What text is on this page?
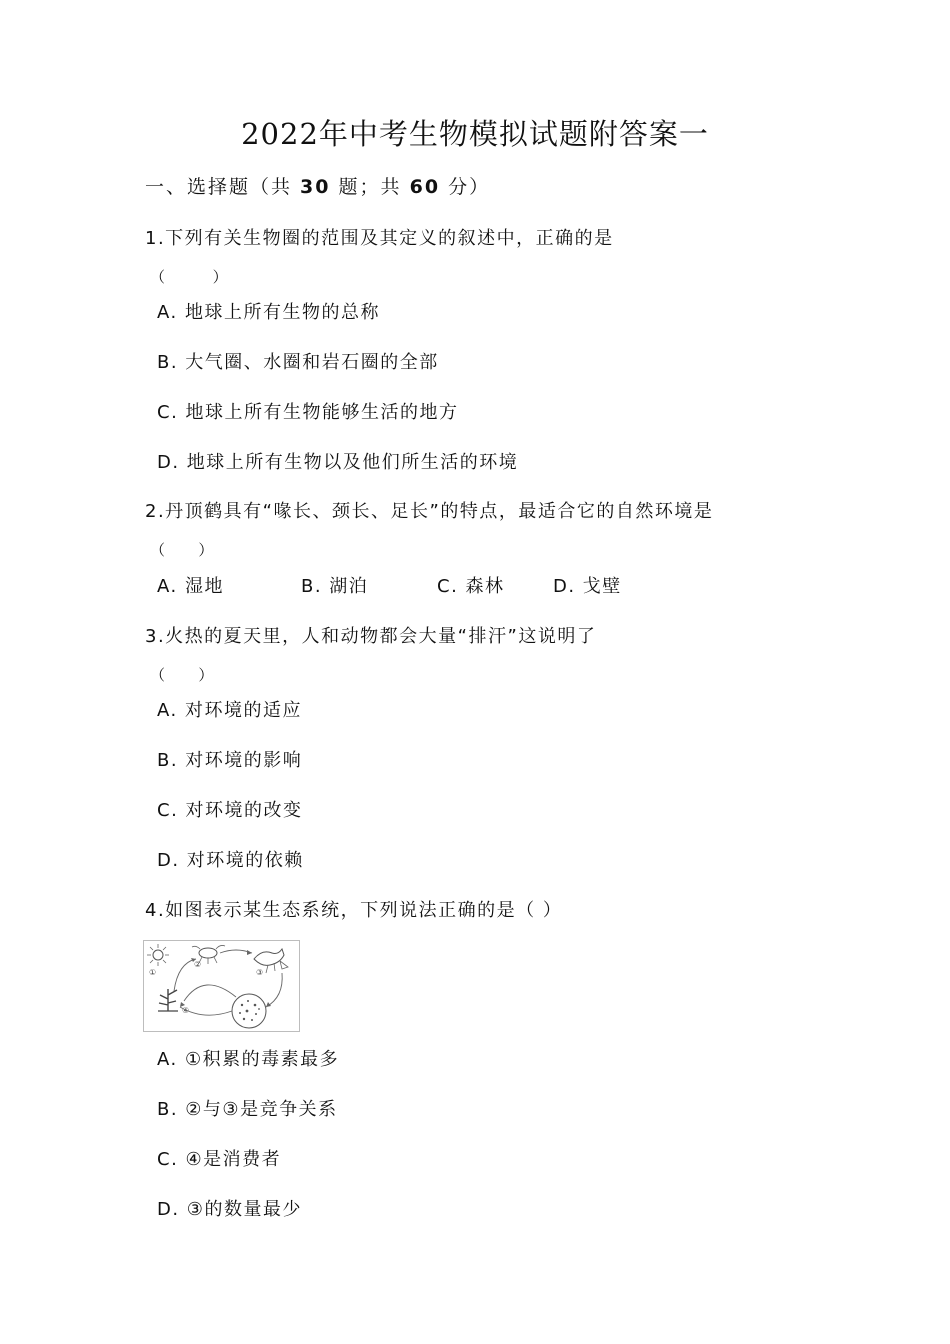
2022年中考生物模拟试题附答案一
一、选择题（共 30 题；共 60 分）
1.下列有关生物圈的范围及其定义的叙述中，正确的是
（          ）
A. 地球上所有生物的总称
B. 大气圈、水圈和岩石圈的全部
C. 地球上所有生物能够生活的地方
D. 地球上所有生物以及他们所生活的环境
2.丹顶鹤具有“喙长、颈长、足长”的特点，最适合它的自然环境是
（       ）
A. 湿地	B. 湖泊	C. 森林	D. 戈壁
3.火热的夏天里，人和动物都会大量“排汗”这说明了
（       ）
A. 对环境的适应
B. 对环境的影响
C. 对环境的改变
D. 对环境的依赖
4.如图表示某生态系统，下列说法正确的是（ ）
①
②
③
④
A. ①积累的毒素最多
B. ②与③是竞争关系
C. ④是消费者
D. ③的数量最少
